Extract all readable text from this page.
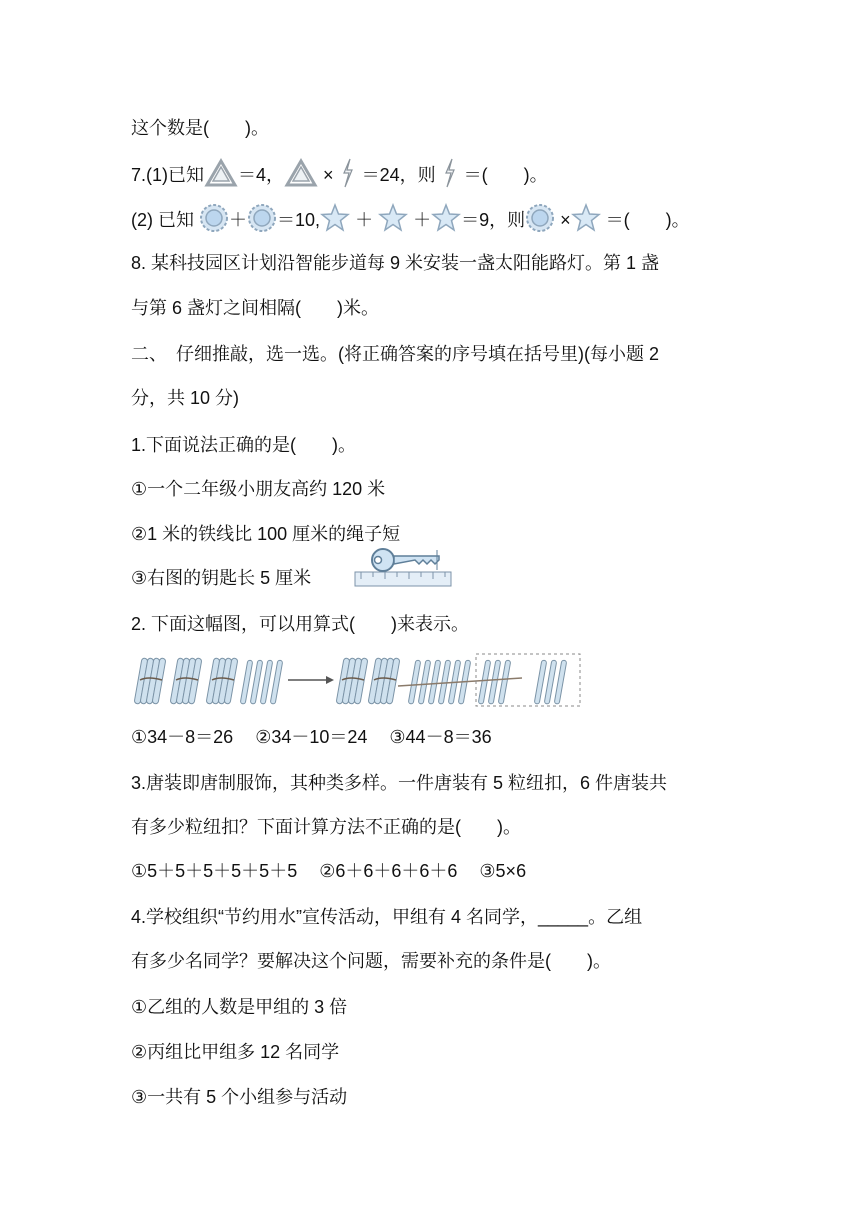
这个数是(　　)。
7.(1)已知 ＝4， × ＝24，则 ＝(　　)。
(2) 已知 ＋ ＝10, ＋ ＋ ＝9，则 × ＝(　　)。
8. 某科技园区计划沿智能步道每 9 米安装一盏太阳能路灯。第 1 盏
与第 6 盏灯之间相隔(　　)米。
二、　仔细推敲，选一选。(将正确答案的序号填在括号里)(每小题 2
分，共 10 分)
1.下面说法正确的是(　　)。
①一个二年级小朋友高约 120 米
②1 米的铁线比 100 厘米的绳子短
③右图的钥匙长 5 厘米
2. 下面这幅图，可以用算式(　　)来表示。
①34－8＝26 ②34－10＝24 ③44－8＝36
3.唐装即唐制服饰，其种类多样。一件唐装有 5 粒纽扣，6 件唐装共
有多少粒纽扣？下面计算方法不正确的是(　　)。
①5＋5＋5＋5＋5＋5 ②6＋6＋6＋6＋6 ③5×6
4.学校组织“节约用水”宣传活动，甲组有 4 名同学，_____。乙组
有多少名同学？要解决这个问题，需要补充的条件是(　　)。
①乙组的人数是甲组的 3 倍
②丙组比甲组多 12 名同学
③一共有 5 个小组参与活动
